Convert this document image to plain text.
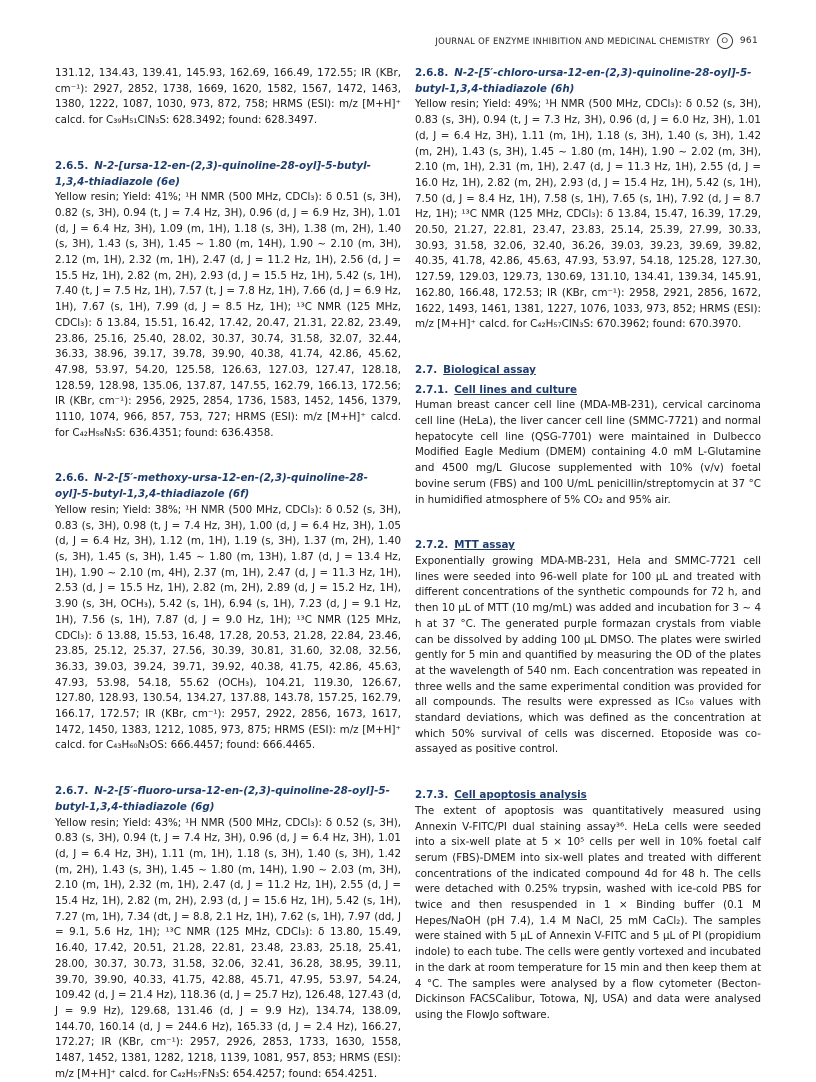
JOURNAL OF ENZYME INHIBITION AND MEDICINAL CHEMISTRY ⭘ 961

131.12, 134.43, 139.41, 145.93, 162.69, 166.49, 172.55; IR (KBr, cm⁻¹): 2927, 2852, 1738, 1669, 1620, 1582, 1567, 1472, 1463, 1380, 1222, 1087, 1030, 973, 872, 758; HRMS (ESI): m/z [M+H]⁺ calcd. for C₃₉H₅₁ClN₃S: 628.3492; found: 628.3497.

2.6.5. N-2-[ursa-12-en-(2,3)-quinoline-28-oyl]-5-butyl-1,3,4-thiadiazole (6e)

Yellow resin; Yield: 41%; ¹H NMR (500 MHz, CDCl₃): δ 0.51 (s, 3H), 0.82 (s, 3H), 0.94 (t, J = 7.4 Hz, 3H), 0.96 (d, J = 6.9 Hz, 3H), 1.01 (d, J = 6.4 Hz, 3H), 1.09 (m, 1H), 1.18 (s, 3H), 1.38 (m, 2H), 1.40 (s, 3H), 1.43 (s, 3H), 1.45 ~ 1.80 (m, 14H), 1.90 ~ 2.10 (m, 3H), 2.12 (m, 1H), 2.32 (m, 1H), 2.47 (d, J = 11.2 Hz, 1H), 2.56 (d, J = 15.5 Hz, 1H), 2.82 (m, 2H), 2.93 (d, J = 15.5 Hz, 1H), 5.42 (s, 1H), 7.40 (t, J = 7.5 Hz, 1H), 7.57 (t, J = 7.8 Hz, 1H), 7.66 (d, J = 6.9 Hz, 1H), 7.67 (s, 1H), 7.99 (d, J = 8.5 Hz, 1H); ¹³C NMR (125 MHz, CDCl₃): δ 13.84, 15.51, 16.42, 17.42, 20.47, 21.31, 22.82, 23.49, 23.86, 25.16, 25.40, 28.02, 30.37, 30.74, 31.58, 32.07, 32.44, 36.33, 38.96, 39.17, 39.78, 39.90, 40.38, 41.74, 42.86, 45.62, 47.98, 53.97, 54.20, 125.58, 126.63, 127.03, 127.47, 128.18, 128.59, 128.98, 135.06, 137.87, 147.55, 162.79, 166.13, 172.56; IR (KBr, cm⁻¹): 2956, 2925, 2854, 1736, 1583, 1452, 1456, 1379, 1110, 1074, 966, 857, 753, 727; HRMS (ESI): m/z [M+H]⁺ calcd. for C₄₂H₅₈N₃S: 636.4351; found: 636.4358.

2.6.6. N-2-[5′-methoxy-ursa-12-en-(2,3)-quinoline-28-oyl]-5-butyl-1,3,4-thiadiazole (6f)

Yellow resin; Yield: 38%; ¹H NMR (500 MHz, CDCl₃): δ 0.52 (s, 3H), 0.83 (s, 3H), 0.98 (t, J = 7.4 Hz, 3H), 1.00 (d, J = 6.4 Hz, 3H), 1.05 (d, J = 6.4 Hz, 3H), 1.12 (m, 1H), 1.19 (s, 3H), 1.37 (m, 2H), 1.40 (s, 3H), 1.45 (s, 3H), 1.45 ~ 1.80 (m, 13H), 1.87 (d, J = 13.4 Hz, 1H), 1.90 ~ 2.10 (m, 4H), 2.37 (m, 1H), 2.47 (d, J = 11.3 Hz, 1H), 2.53 (d, J = 15.5 Hz, 1H), 2.82 (m, 2H), 2.89 (d, J = 15.2 Hz, 1H), 3.90 (s, 3H, OCH₃), 5.42 (s, 1H), 6.94 (s, 1H), 7.23 (d, J = 9.1 Hz, 1H), 7.56 (s, 1H), 7.87 (d, J = 9.0 Hz, 1H); ¹³C NMR (125 MHz, CDCl₃): δ 13.88, 15.53, 16.48, 17.28, 20.53, 21.28, 22.84, 23.46, 23.85, 25.12, 25.37, 27.56, 30.39, 30.81, 31.60, 32.08, 32.56, 36.33, 39.03, 39.24, 39.71, 39.92, 40.38, 41.75, 42.86, 45.63, 47.93, 53.98, 54.18, 55.62 (OCH₃), 104.21, 119.30, 126.67, 127.80, 128.93, 130.54, 134.27, 137.88, 143.78, 157.25, 162.79, 166.17, 172.57; IR (KBr, cm⁻¹): 2957, 2922, 2856, 1673, 1617, 1472, 1450, 1383, 1212, 1085, 973, 875; HRMS (ESI): m/z [M+H]⁺ calcd. for C₄₃H₆₀N₃OS: 666.4457; found: 666.4465.

2.6.7. N-2-[5′-fluoro-ursa-12-en-(2,3)-quinoline-28-oyl]-5-butyl-1,3,4-thiadiazole (6g)

Yellow resin; Yield: 43%; ¹H NMR (500 MHz, CDCl₃): δ 0.52 (s, 3H), 0.83 (s, 3H), 0.94 (t, J = 7.4 Hz, 3H), 0.96 (d, J = 6.4 Hz, 3H), 1.01 (d, J = 6.4 Hz, 3H), 1.11 (m, 1H), 1.18 (s, 3H), 1.40 (s, 3H), 1.42 (m, 2H), 1.43 (s, 3H), 1.45 ~ 1.80 (m, 14H), 1.90 ~ 2.03 (m, 3H), 2.10 (m, 1H), 2.32 (m, 1H), 2.47 (d, J = 11.2 Hz, 1H), 2.55 (d, J = 15.4 Hz, 1H), 2.82 (m, 2H), 2.93 (d, J = 15.6 Hz, 1H), 5.42 (s, 1H), 7.27 (m, 1H), 7.34 (dt, J = 8.8, 2.1 Hz, 1H), 7.62 (s, 1H), 7.97 (dd, J = 9.1, 5.6 Hz, 1H); ¹³C NMR (125 MHz, CDCl₃): δ 13.80, 15.49, 16.40, 17.42, 20.51, 21.28, 22.81, 23.48, 23.83, 25.18, 25.41, 28.00, 30.37, 30.73, 31.58, 32.06, 32.41, 36.28, 38.95, 39.11, 39.70, 39.90, 40.33, 41.75, 42.88, 45.71, 47.95, 53.97, 54.24, 109.42 (d, J = 21.4 Hz), 118.36 (d, J = 25.7 Hz), 126.48, 127.43 (d, J = 9.9 Hz), 129.68, 131.46 (d, J = 9.9 Hz), 134.74, 138.09, 144.70, 160.14 (d, J = 244.6 Hz), 165.33 (d, J = 2.4 Hz), 166.27, 172.27; IR (KBr, cm⁻¹): 2957, 2926, 2853, 1733, 1630, 1558, 1487, 1452, 1381, 1282, 1218, 1139, 1081, 957, 853; HRMS (ESI): m/z [M+H]⁺ calcd. for C₄₂H₅₇FN₃S: 654.4257; found: 654.4251.

2.6.8. N-2-[5′-chloro-ursa-12-en-(2,3)-quinoline-28-oyl]-5-butyl-1,3,4-thiadiazole (6h)

Yellow resin; Yield: 49%; ¹H NMR (500 MHz, CDCl₃): δ 0.52 (s, 3H), 0.83 (s, 3H), 0.94 (t, J = 7.3 Hz, 3H), 0.96 (d, J = 6.0 Hz, 3H), 1.01 (d, J = 6.4 Hz, 3H), 1.11 (m, 1H), 1.18 (s, 3H), 1.40 (s, 3H), 1.42 (m, 2H), 1.43 (s, 3H), 1.45 ~ 1.80 (m, 14H), 1.90 ~ 2.02 (m, 3H), 2.10 (m, 1H), 2.31 (m, 1H), 2.47 (d, J = 11.3 Hz, 1H), 2.55 (d, J = 16.0 Hz, 1H), 2.82 (m, 2H), 2.93 (d, J = 15.4 Hz, 1H), 5.42 (s, 1H), 7.50 (d, J = 8.4 Hz, 1H), 7.58 (s, 1H), 7.65 (s, 1H), 7.92 (d, J = 8.7 Hz, 1H); ¹³C NMR (125 MHz, CDCl₃): δ 13.84, 15.47, 16.39, 17.29, 20.50, 21.27, 22.81, 23.47, 23.83, 25.14, 25.39, 27.99, 30.33, 30.93, 31.58, 32.06, 32.40, 36.26, 39.03, 39.23, 39.69, 39.82, 40.35, 41.78, 42.86, 45.63, 47.93, 53.97, 54.18, 125.28, 127.30, 127.59, 129.03, 129.73, 130.69, 131.10, 134.41, 139.34, 145.91, 162.80, 166.48, 172.53; IR (KBr, cm⁻¹): 2958, 2921, 2856, 1672, 1622, 1493, 1461, 1381, 1227, 1076, 1033, 973, 852; HRMS (ESI): m/z [M+H]⁺ calcd. for C₄₂H₅₇ClN₃S: 670.3962; found: 670.3970.

2.7. Biological assay

2.7.1. Cell lines and culture

Human breast cancer cell line (MDA-MB-231), cervical carcinoma cell line (HeLa), the liver cancer cell line (SMMC-7721) and normal hepatocyte cell line (QSG-7701) were maintained in Dulbecco Modified Eagle Medium (DMEM) containing 4.0 mM L-Glutamine and 4500 mg/L Glucose supplemented with 10% (v/v) foetal bovine serum (FBS) and 100 U/mL penicillin/streptomycin at 37 °C in humidified atmosphere of 5% CO₂ and 95% air.

2.7.2. MTT assay

Exponentially growing MDA-MB-231, Hela and SMMC-7721 cell lines were seeded into 96-well plate for 100 μL and treated with different concentrations of the synthetic compounds for 72 h, and then 10 μL of MTT (10 mg/mL) was added and incubation for 3 ~ 4 h at 37 °C. The generated purple formazan crystals from viable can be dissolved by adding 100 μL DMSO. The plates were swirled gently for 5 min and quantified by measuring the OD of the plates at the wavelength of 540 nm. Each concentration was repeated in three wells and the same experimental condition was provided for all compounds. The results were expressed as IC₅₀ values with standard deviations, which was defined as the concentration at which 50% survival of cells was discerned. Etoposide was co-assayed as positive control.

2.7.3. Cell apoptosis analysis

The extent of apoptosis was quantitatively measured using Annexin V-FITC/PI dual staining assay³⁶. HeLa cells were seeded into a six-well plate at 5 × 10⁵ cells per well in 10% foetal calf serum (FBS)-DMEM into six-well plates and treated with different concentrations of the indicated compound 4d for 48 h. The cells were detached with 0.25% trypsin, washed with ice-cold PBS for twice and then resuspended in 1 × Binding buffer (0.1 M Hepes/NaOH (pH 7.4), 1.4 M NaCl, 25 mM CaCl₂). The samples were stained with 5 μL of Annexin V-FITC and 5 μL of PI (propidium indole) to each tube. The cells were gently vortexed and incubated in the dark at room temperature for 15 min and then keep them at 4 °C. The samples were analysed by a flow cytometer (Becton-Dickinson FACSCalibur, Totowa, NJ, USA) and data were analysed using the FlowJo software.
